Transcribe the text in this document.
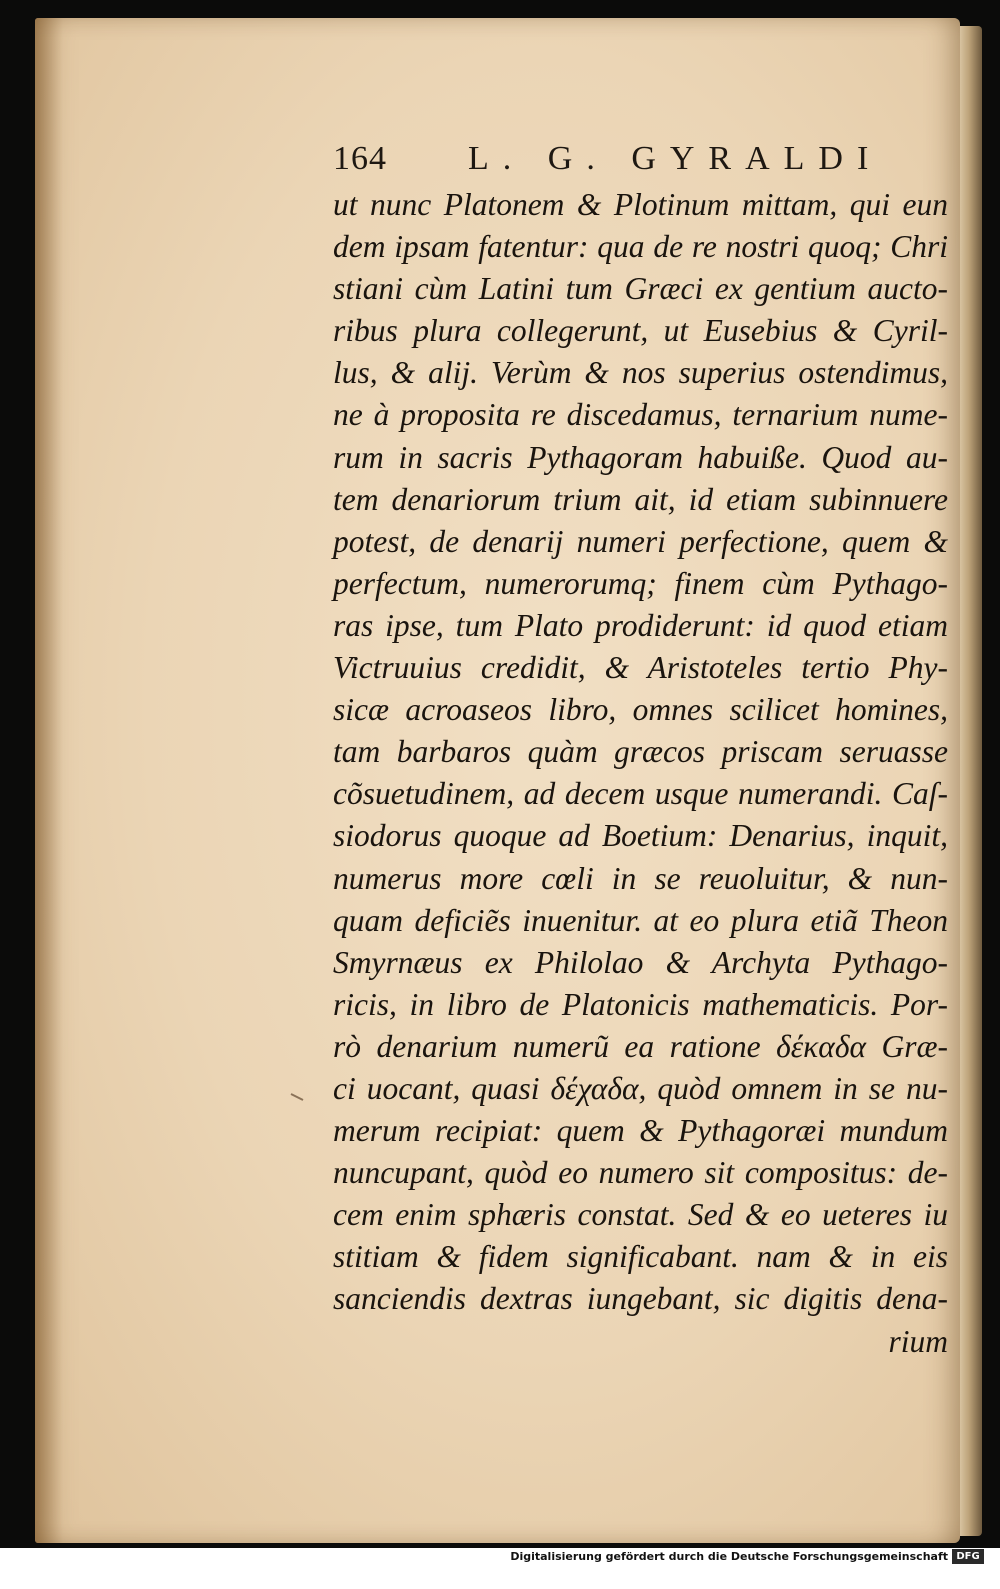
164 L. G. GYRALDI
ut nunc Platonem & Plotinum mittam, qui eun
dem ipsam fatentur: qua de re nostri quoq; Chri
stiani cùm Latini tum Græci ex gentium aucto-
ribus plura collegerunt, ut Eusebius & Cyril-
lus, & alij. Verùm & nos superius ostendimus,
ne à proposita re discedamus, ternarium nume-
rum in sacris Pythagoram habuiße. Quod au-
tem denariorum trium ait, id etiam subinnuere
potest, de denarij numeri perfectione, quem &
perfectum, numerorumq; finem cùm Pythago-
ras ipse, tum Plato prodiderunt: id quod etiam
Victruuius credidit, & Aristoteles tertio Phy-
sicæ acroaseos libro, omnes scilicet homines,
tam barbaros quàm græcos priscam seruasse
cõsuetudinem, ad decem usque numerandi. Caſ-
siodorus quoque ad Boetium: Denarius, inquit,
numerus more cœli in se reuoluitur, & nun-
quam deficiẽs inuenitur. at eo plura etiã Theon
Smyrnæus ex Philolao & Archyta Pythago-
ricis, in libro de Platonicis mathematicis. Por-
rò denarium numerũ ea ratione δέκαδα Græ-
ci uocant, quasi δέχαδα, quòd omnem in se nu-
merum recipiat: quem & Pythagoræi mundum
nuncupant, quòd eo numero sit compositus: de-
cem enim sphæris constat. Sed & eo ueteres iu
stitiam & fidem significabant. nam & in eis
sanciendis dextras iungebant, sic digitis dena-
rium
Digitalisierung gefördert durch die Deutsche Forschungsgemeinschaft DFG
